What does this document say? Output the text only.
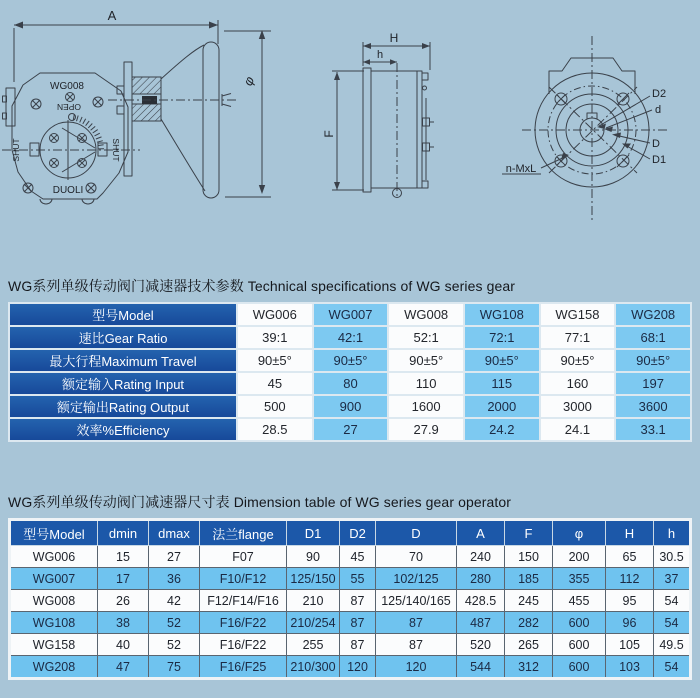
A
WG008
OPEN
SHUT	SHUT
DUOLI
φ
H
h
F
D2
d
D
D1
n-MxL
WG系列单级传动阀门减速器技术参数 Technical specifications of WG series gear
型号Model	WG006	WG007	WG008	WG108	WG158	WG208
速比Gear Ratio	39:1	42:1	52:1	72:1	77:1	68:1
最大行程Maximum Travel	90±5°	90±5°	90±5°	90±5°	90±5°	90±5°
额定输入Rating Input	45	80	110	115	160	197
额定输出Rating Output	500	900	1600	2000	3000	3600
效率%Efficiency	28.5	27	27.9	24.2	24.1	33.1
WG系列单级传动阀门减速器尺寸表 Dimension table of WG series gear operator
型号Model	dmin	dmax	法兰flange	D1	D2	D	A	F	φ	H	h
WG006	15	27	F07	90	45	70	240	150	200	65	30.5
WG007	17	36	F10/F12	125/150	55	102/125	280	185	355	112	37
WG008	26	42	F12/F14/F16	210	87	125/140/165	428.5	245	455	95	54
WG108	38	52	F16/F22	210/254	87	87	487	282	600	96	54
WG158	40	52	F16/F22	255	87	87	520	265	600	105	49.5
WG208	47	75	F16/F25	210/300	120	120	544	312	600	103	54
